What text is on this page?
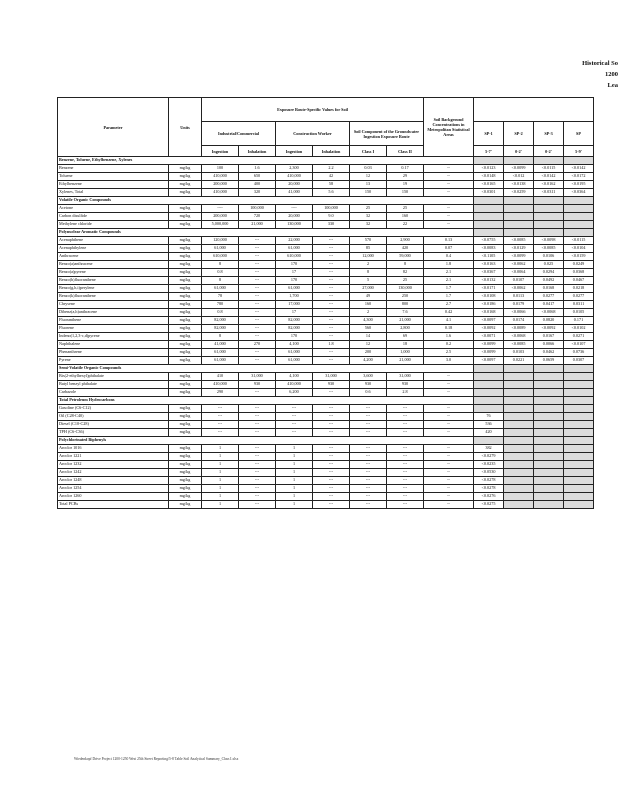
Historical So
1200
Lea
Parameter	Units	Exposure Route-Specific Values for Soil						Soil Background Concentrations in Metropolitan Statistical Areas				
		Industrial/Commercial		Construction Worker		Soil Component of the Groundwater Ingestion Exposure Route			SP-1	SP-2	SP-3	SP
		Ingestion	Inhalation	Ingestion	Inhalation	Class I	Class II		5-7'	0-2'	0-2'	5-9'
Benzene, Toluene, Ethylbenzene, Xylenes												
Benzene	mg/kg	100	1.6	2,300	2.2	0.03	0.17	--	<0.0123	<0.0099	<0.0115	<0.0142
Toluene	mg/kg	410,000	650	410,000	42	12	29	--	<0.0148	<0.012	<0.0142	<0.0172
Ethylbenzene	mg/kg	200,000	400	20,000	58	13	19	--	<0.0165	<0.0138	<0.0162	<0.0195
Xylenes, Total	mg/kg	410,000	320	41,000	5.6	150	150	--	<0.0301	<0.0259	<0.0311	<0.0364
Volatile Organic Compounds												
Acetone	mg/kg	----	100,000	----	100,000	25	25	--				
Carbon disulfide	mg/kg	200,000	720	20,000	9.0	32	160	--				
Methylene chloride	mg/kg	5,000,000	21,000	130,000	330	32	22	--				
Polynuclear Aromatic Compounds												
Acenaphthene	mg/kg	120,000	---	22,000	---	570	2,900	0.13	<0.0755	<0.0085	<0.0098	<0.0115
Acenaphthylene	mg/kg	61,000	---	61,000	---	85	420	0.07	<0.0083	<0.0129	<0.0085	<0.0104
Anthracene	mg/kg	610,000	---	610,000	---	12,000	59,000	0.4	<0.1105	<0.0099	0.0106	<0.0159
Benzo(a)anthracene	mg/kg	8	---	170	---	2	8	1.8	<0.0163	<0.0062	0.025	0.0249
Benzo(a)pyrene	mg/kg	0.8	---	17	---	8	82	2.1	<0.0367	<0.0064	0.0294	0.0368
Benzo(b)fluoranthene	mg/kg	8	---	170	---	5	25	2.1	<0.0132	0.0107	0.0492	0.0467
Benzo(g,h,i)perylene	mg/kg	61,000	---	61,000	---	27,000	130,000	1.7	<0.0171	<0.0062	0.0168	0.0218
Benzo(k)fluoranthene	mg/kg	78	---	1,700	---	49	250	1.7	<0.0108	0.0113	0.0277	0.0277
Chrysene	mg/kg	780	---	17,000	---	160	800	2.7	<0.0186	0.0179	0.0417	0.0311
Dibenz(a,h)anthracene	mg/kg	0.8	---	17	---	2	7.6	0.42	<0.0168	<0.0066	<0.0068	0.0105
Fluoranthene	mg/kg	82,000	---	82,000	---	4,300	21,000	4.1	<0.0097	0.0174	0.0820	0.171
Fluorene	mg/kg	82,000	---	82,000	---	560	2,800	0.18	<0.0092	<0.0089	<0.0092	<0.0102
Indeno(1,2,3-c,d)pyrene	mg/kg	8	---	170	---	14	69	1.6	<0.0071	<0.0068	0.0167	0.0271
Naphthalene	mg/kg	41,000	270	4,100	1.8	12	18	0.2	<0.0099	<0.0085	0.0066	<0.0107
Phenanthrene	mg/kg	61,000	---	61,000	---	200	1,000	2.5	<0.0099	0.0103	0.0462	0.0736
Pyrene	mg/kg	61,000	---	61,000	---	4,200	21,000	3.0	<0.0097	0.0221	0.0659	0.0307
Semi-Volatile Organic Compounds												
Bis(2-ethylhexyl)phthalate	mg/kg	410	31,000	4,100	31,000	3,600	31,000	--				
Butyl benzyl phthalate	mg/kg	410,000	930	410,000	930	930	930	--				
Carbazole	mg/kg	290	---	6,200	---	0.6	2.8	--				
Total Petroleum Hydrocarbons												
Gasoline (C6-C12)	mg/kg	---	---	---	---	---	---	--				
Oil (C28-C40)	mg/kg	---	---	---	---	---	---	--	76			
Diesel (C10-C28)	mg/kg	---	---	---	---	---	---	--	536			
TPH (C6-C36)	mg/kg	---	---	---	---	---	---	--	420			
Polychlorinated Biphenyls												
Aroclor 1016	mg/kg	1	---	1	---	---	---	--	382			
Aroclor 1221	mg/kg	1	---	1	---	---	---	--	<0.0279			
Aroclor 1232	mg/kg	1	---	1	---	---	---	--	<0.0235			
Aroclor 1242	mg/kg	1	---	1	---	---	---	--	<0.0530			
Aroclor 1248	mg/kg	1	---	1	---	---	---	--	<0.0278			
Aroclor 1254	mg/kg	1	---	1	---	---	---	--	<0.0278			
Aroclor 1260	mg/kg	1	---	1	---	---	---	--	<0.0276			
Total PCBs	mg/kg	1	---	1	---	---	---	--	<0.0275			
Wiedenkopf Drive Project 1200-1250 West 25th Street Reporting\5-8 Table Soil Analytical Summary_Class I.xlsx
